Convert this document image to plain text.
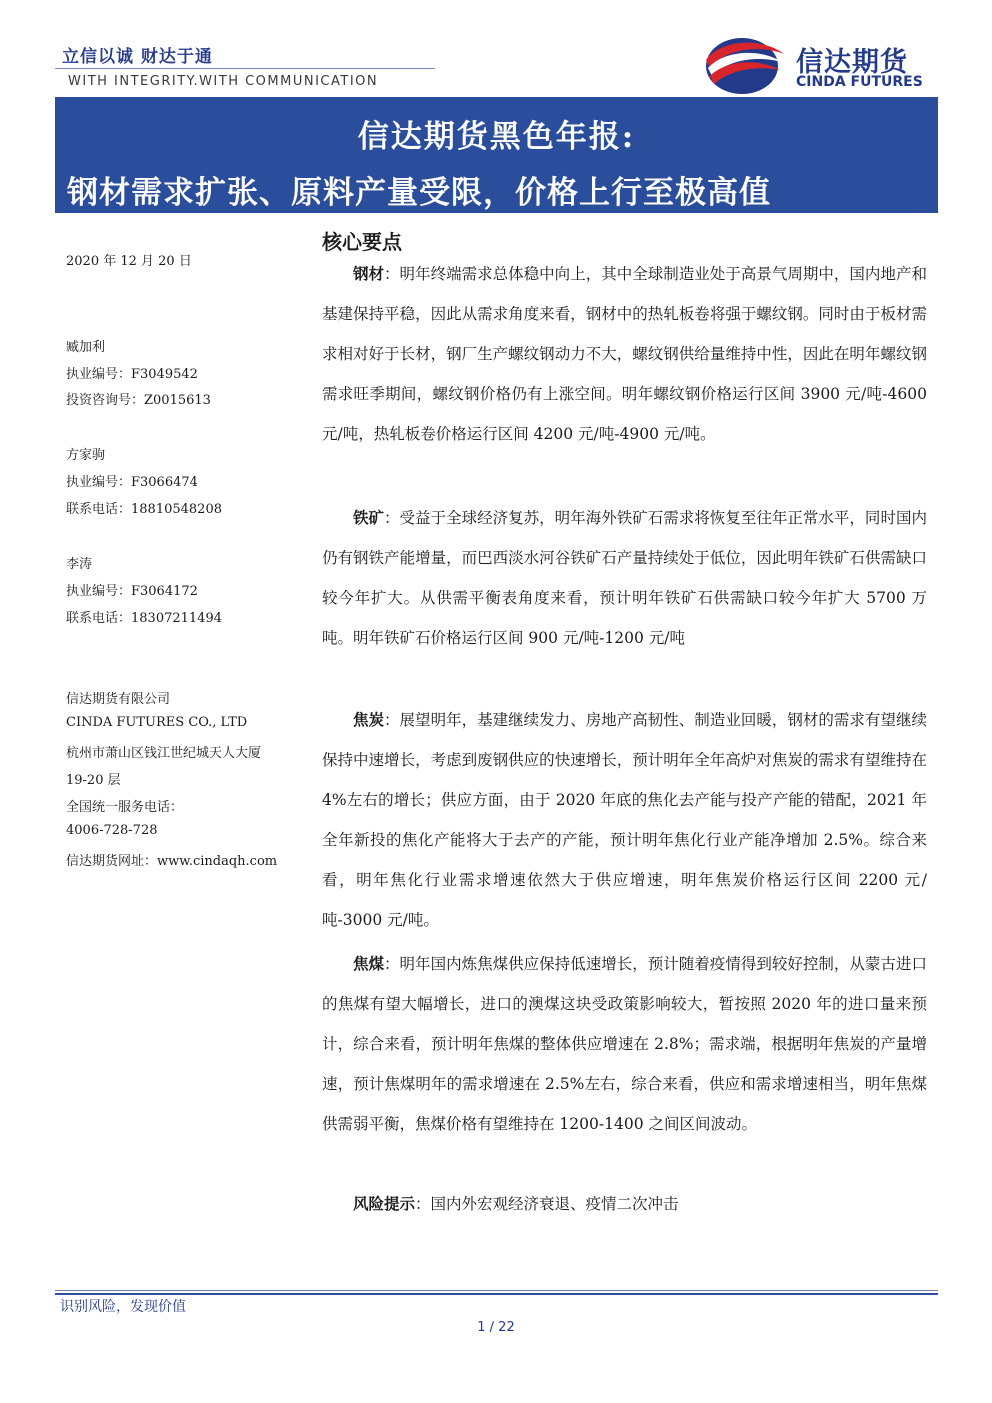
立信以诚 财达于通
WITH INTEGRITY.WITH COMMUNICATION
信达期货
CINDA FUTURES
信达期货黑色年报:
钢材需求扩张、原料产量受限，价格上行至极高值
2020 年 12 月 20 日
臧加利
执业编号：F3049542
投资咨询号：Z0015613
方家驹
执业编号：F3066474
联系电话：18810548208
李涛
执业编号：F3064172
联系电话：18307211494
信达期货有限公司
CINDA FUTURES CO., LTD
杭州市萧山区钱江世纪城天人大厦
19-20 层
全国统一服务电话：
4006-728-728
信达期货网址：www.cindaqh.com
核心要点
钢材：明年终端需求总体稳中向上，其中全球制造业处于高景气周期中，国内地产和基建保持平稳，因此从需求角度来看，钢材中的热轧板卷将强于螺纹钢。同时由于板材需求相对好于长材，钢厂生产螺纹钢动力不大，螺纹钢供给量维持中性，因此在明年螺纹钢需求旺季期间，螺纹钢价格仍有上涨空间。明年螺纹钢价格运行区间 3900 元/吨-4600 元/吨，热轧板卷价格运行区间 4200 元/吨-4900 元/吨。
铁矿：受益于全球经济复苏，明年海外铁矿石需求将恢复至往年正常水平，同时国内仍有钢铁产能增量，而巴西淡水河谷铁矿石产量持续处于低位，因此明年铁矿石供需缺口较今年扩大。从供需平衡表角度来看，预计明年铁矿石供需缺口较今年扩大 5700 万吨。明年铁矿石价格运行区间 900 元/吨-1200 元/吨
焦炭：展望明年，基建继续发力、房地产高韧性、制造业回暖，钢材的需求有望继续保持中速增长，考虑到废钢供应的快速增长，预计明年全年高炉对焦炭的需求有望维持在 4%左右的增长；供应方面，由于 2020 年底的焦化去产能与投产产能的错配，2021 年全年新投的焦化产能将大于去产的产能，预计明年焦化行业产能净增加 2.5%。综合来看，明年焦化行业需求增速依然大于供应增速，明年焦炭价格运行区间 2200 元/吨-3000 元/吨。
焦煤：明年国内炼焦煤供应保持低速增长，预计随着疫情得到较好控制，从蒙古进口的焦煤有望大幅增长，进口的澳煤这块受政策影响较大，暂按照 2020 年的进口量来预计，综合来看，预计明年焦煤的整体供应增速在 2.8%；需求端，根据明年焦炭的产量增速，预计焦煤明年的需求增速在 2.5%左右，综合来看，供应和需求增速相当，明年焦煤供需弱平衡，焦煤价格有望维持在 1200-1400 之间区间波动。
风险提示：国内外宏观经济衰退、疫情二次冲击
识别风险，发现价值
1 / 22
